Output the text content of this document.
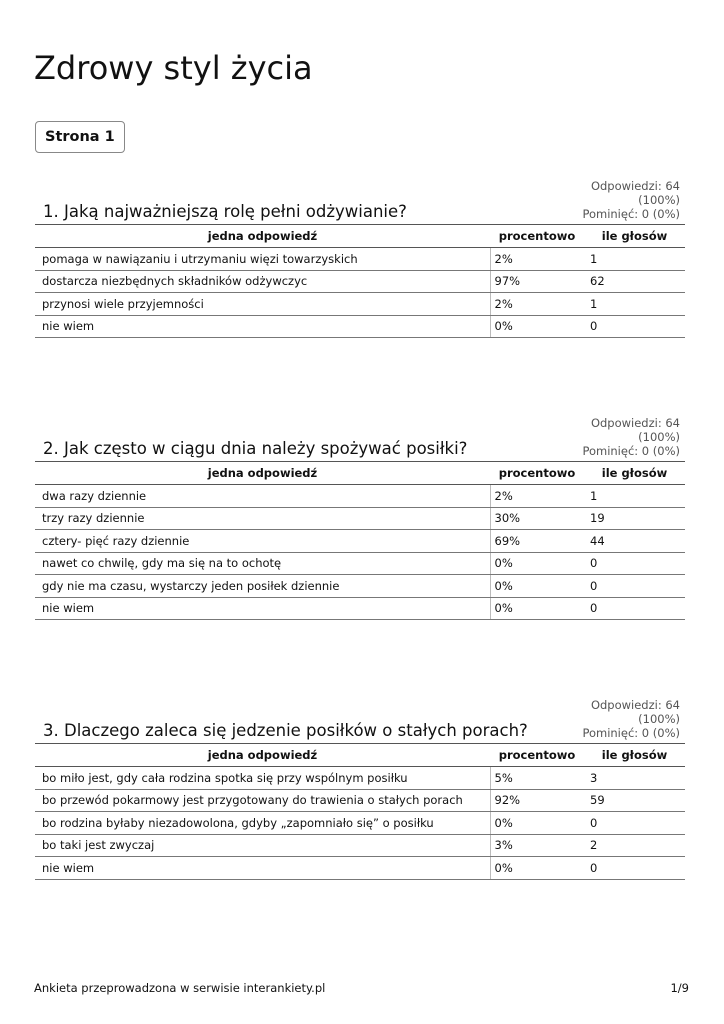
Zdrowy styl życia
Strona 1
1. Jaką najważniejszą rolę pełni odżywianie?
Odpowiedzi: 64
(100%)
Pominięć: 0 (0%)
jedna odpowiedź	procentowo	ile głosów
pomaga w nawiązaniu i utrzymaniu więzi towarzyskich	2%	1
dostarcza niezbędnych składników odżywczyc	97%	62
przynosi wiele przyjemności	2%	1
nie wiem	0%	0
2. Jak często w ciągu dnia należy spożywać posiłki?
Odpowiedzi: 64
(100%)
Pominięć: 0 (0%)
jedna odpowiedź	procentowo	ile głosów
dwa razy dziennie	2%	1
trzy razy dziennie	30%	19
cztery- pięć razy dziennie	69%	44
nawet co chwilę, gdy ma się na to ochotę	0%	0
gdy nie ma czasu, wystarczy jeden posiłek dziennie	0%	0
nie wiem	0%	0
3. Dlaczego zaleca się jedzenie posiłków o stałych porach?
Odpowiedzi: 64
(100%)
Pominięć: 0 (0%)
jedna odpowiedź	procentowo	ile głosów
bo miło jest, gdy cała rodzina spotka się przy wspólnym posiłku	5%	3
bo przewód pokarmowy jest przygotowany do trawienia o stałych porach	92%	59
bo rodzina byłaby niezadowolona, gdyby „zapomniało się” o posiłku	0%	0
bo taki jest zwyczaj	3%	2
nie wiem	0%	0
Ankieta przeprowadzona w serwisie interankiety.pl	1/9
